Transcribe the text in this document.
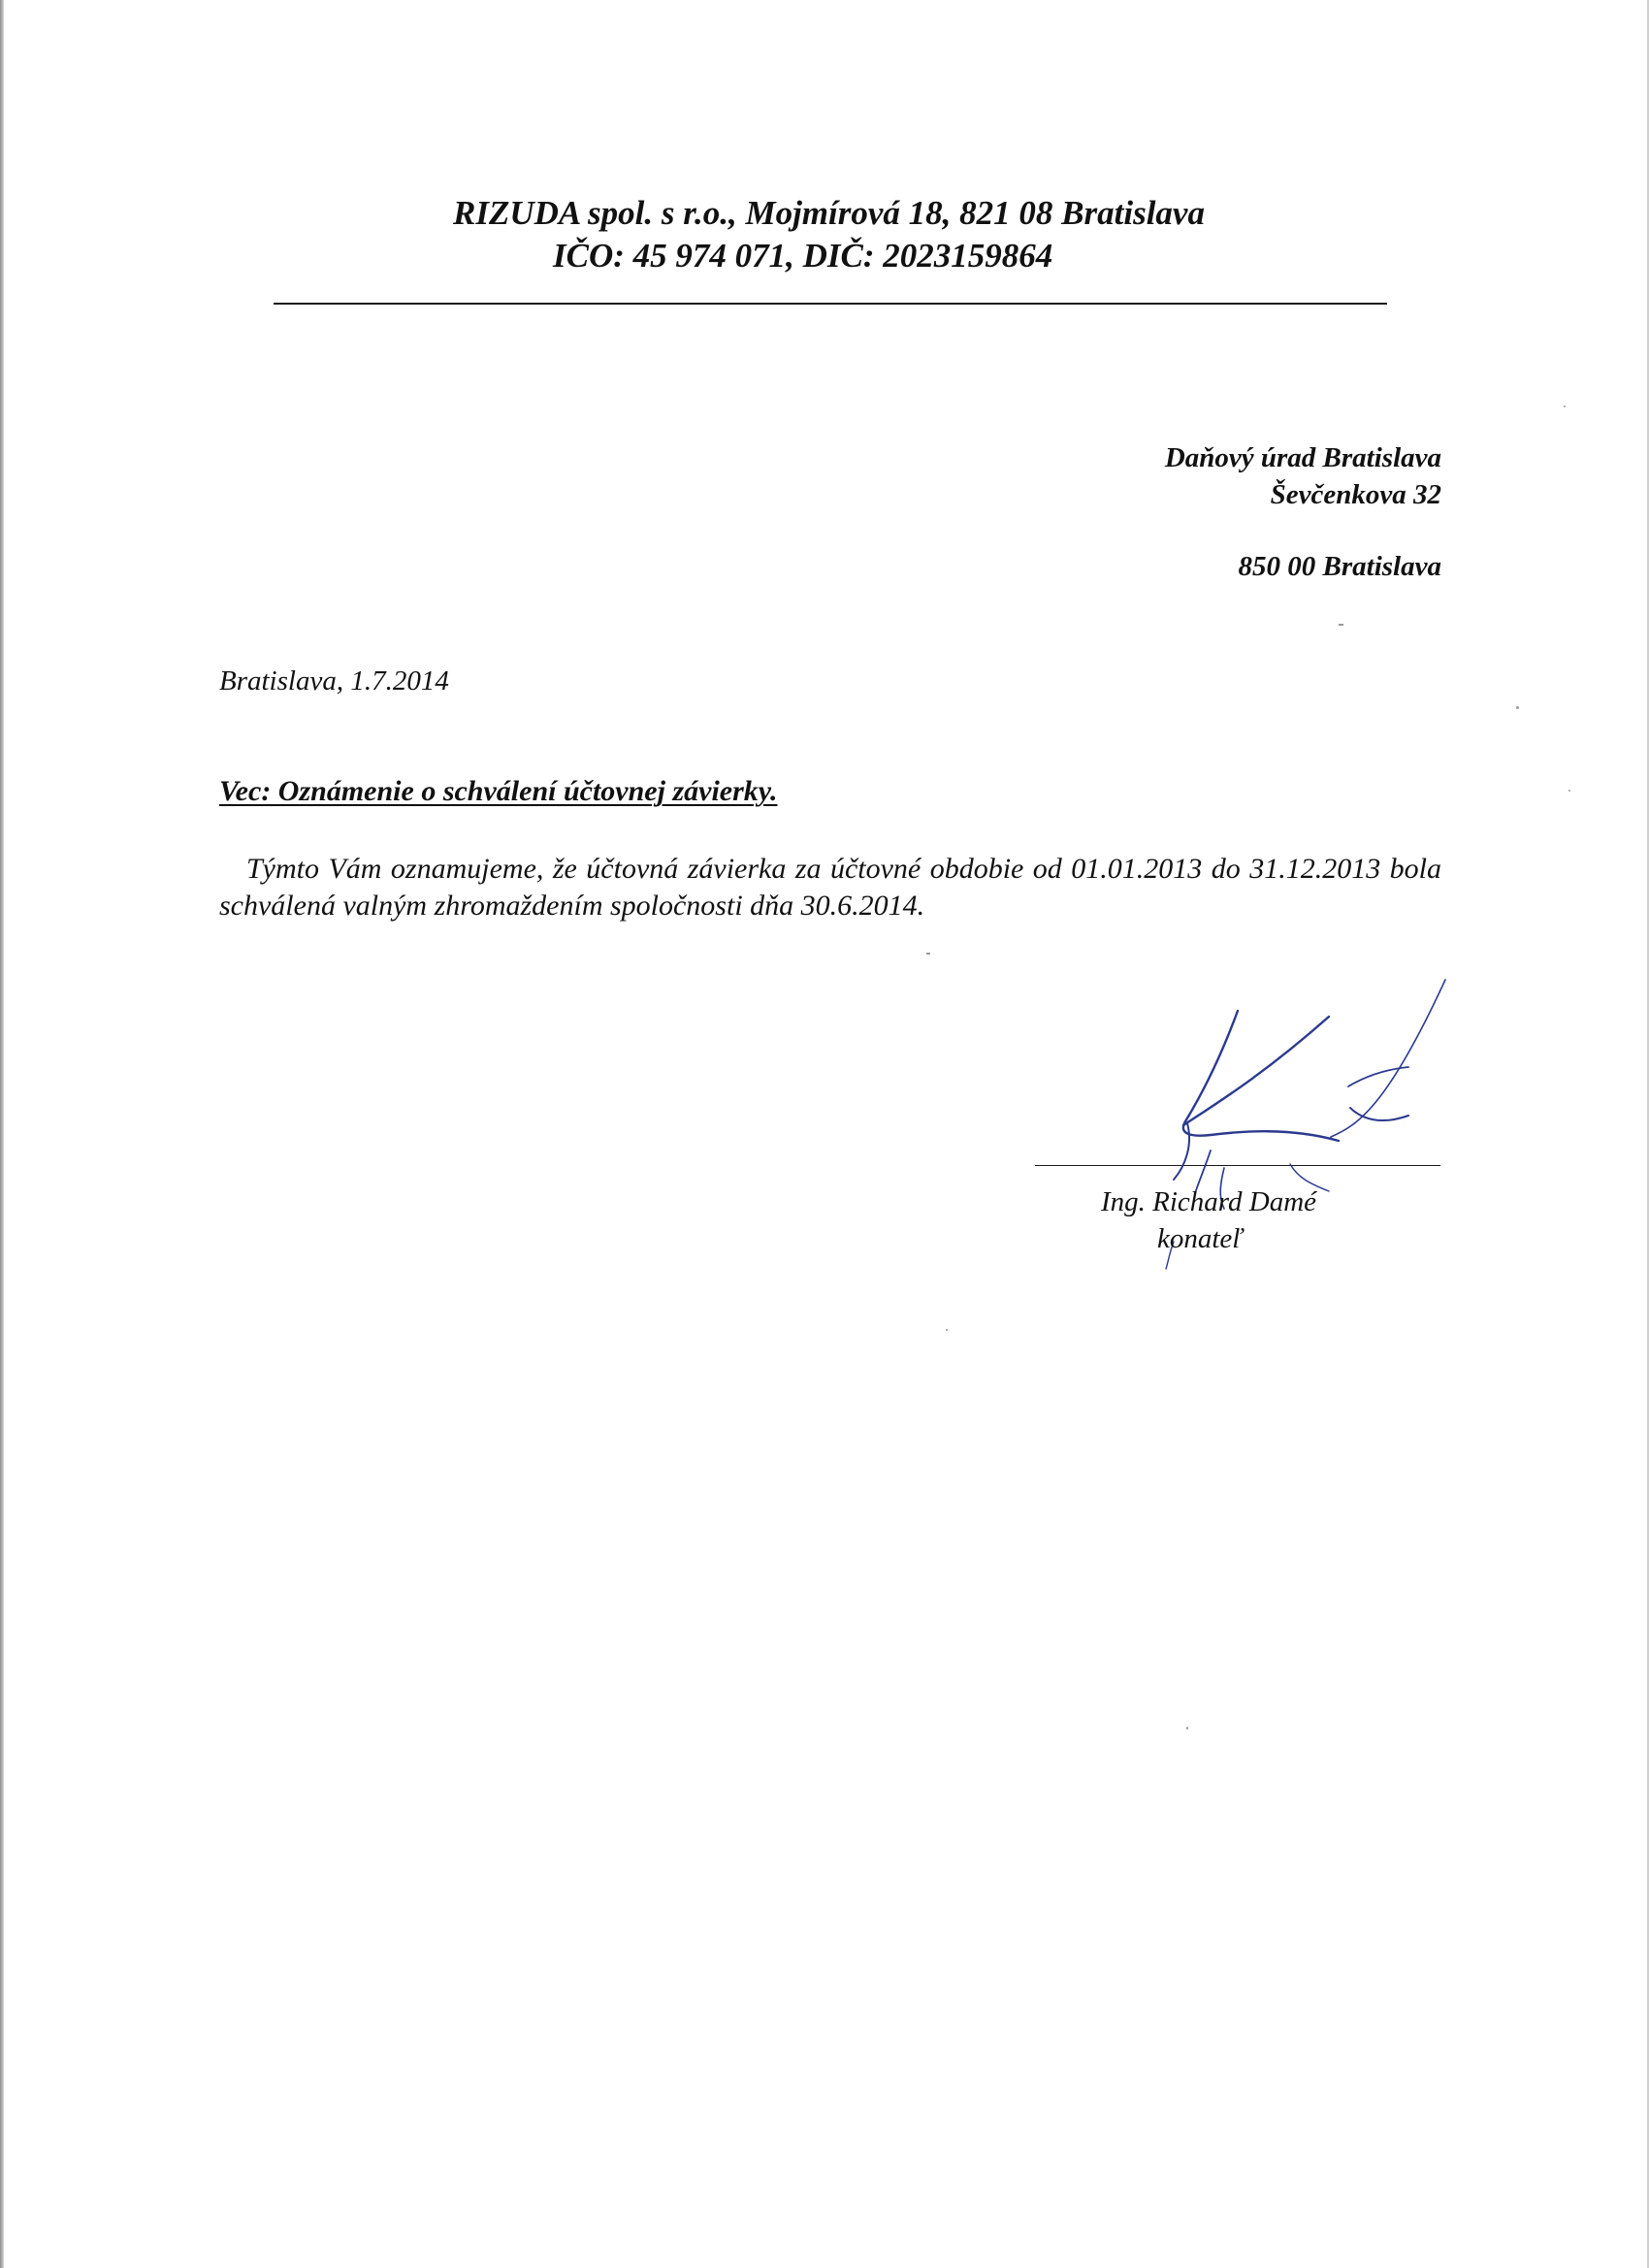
RIZUDA spol. s r.o., Mojmírová 18, 821 08 Bratislava
IČO: 45 974 071, DIČ: 2023159864
Daňový úrad Bratislava
Ševčenkova 32
850 00 Bratislava
Bratislava, 1.7.2014
Vec: Oznámenie o schválení účtovnej závierky.
Týmto Vám oznamujeme, že účtovná závierka za účtovné obdobie od 01.01.2013 do 31.12.2013 bola schválená valným zhromaždením spoločnosti dňa 30.6.2014.
Ing. Richard Damé
konateľ
